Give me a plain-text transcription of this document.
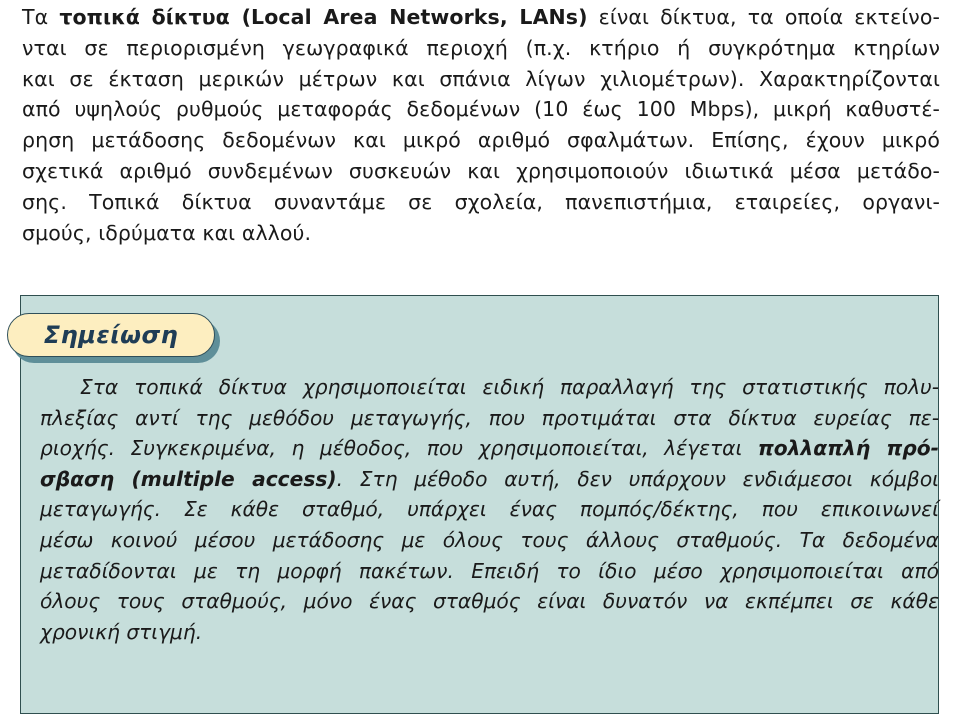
Τα τοπικά δίκτυα (Local Area Networks, LANs) είναι δίκτυα, τα οποία εκτείνο-
νται σε περιορισμένη γεωγραφικά περιοχή (π.χ. κτήριο ή συγκρότημα κτηρίων
και σε έκταση μερικών μέτρων και σπάνια λίγων χιλιομέτρων). Χαρακτηρίζονται
από υψηλούς ρυθμούς μεταφοράς δεδομένων (10 έως 100 Mbps), μικρή καθυστέ-
ρηση μετάδοσης δεδομένων και μικρό αριθμό σφαλμάτων. Επίσης, έχουν μικρό
σχετικά αριθμό συνδεμένων συσκευών και χρησιμοποιούν ιδιωτικά μέσα μετάδο-
σης. Τοπικά δίκτυα συναντάμε σε σχολεία, πανεπιστήμια, εταιρείες, οργανι-
σμούς, ιδρύματα και αλλού.
Σημείωση
Στα τοπικά δίκτυα χρησιμοποιείται ειδική παραλλαγή της στατιστικής πολυ-
πλεξίας αντί της μεθόδου μεταγωγής, που προτιμάται στα δίκτυα ευρείας πε-
ριοχής. Συγκεκριμένα, η μέθοδος, που χρησιμοποιείται, λέγεται πολλαπλή πρό-
σβαση (multiple access). Στη μέθοδο αυτή, δεν υπάρχουν ενδιάμεσοι κόμβοι
μεταγωγής. Σε κάθε σταθμό, υπάρχει ένας πομπός/δέκτης, που επικοινωνεί
μέσω κοινού μέσου μετάδοσης με όλους τους άλλους σταθμούς. Τα δεδομένα
μεταδίδονται με τη μορφή πακέτων. Επειδή το ίδιο μέσο χρησιμοποιείται από
όλους τους σταθμούς, μόνο ένας σταθμός είναι δυνατόν να εκπέμπει σε κάθε
χρονική στιγμή.
